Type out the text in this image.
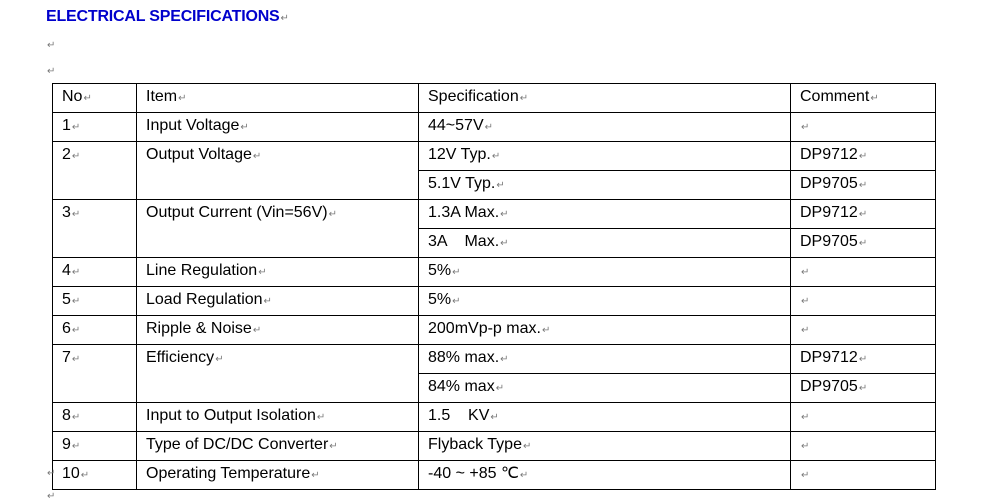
ELECTRICAL SPECIFICATIONS↵
↵
↵
No↵	Item↵	Specification↵	Comment↵
1↵	Input Voltage↵	44~57V↵	↵
2↵	Output Voltage↵	12V Typ.↵	DP9712↵
		5.1V Typ.↵	DP9705↵
3↵	Output Current (Vin=56V)↵	1.3A Max.↵	DP9712↵
		3A    Max.↵	DP9705↵
4↵	Line Regulation↵	5%↵	↵
5↵	Load Regulation↵	5%↵	↵
6↵	Ripple & Noise↵	200mVp-p max.↵	↵
7↵	Efficiency↵	88% max.↵	DP9712↵
		84% max↵	DP9705↵
8↵	Input to Output Isolation↵	1.5    KV↵	↵
9↵	Type of DC/DC Converter↵	Flyback Type↵	↵
10↵	Operating Temperature↵	-40 ~ +85 ℃↵	↵
↵
↵
